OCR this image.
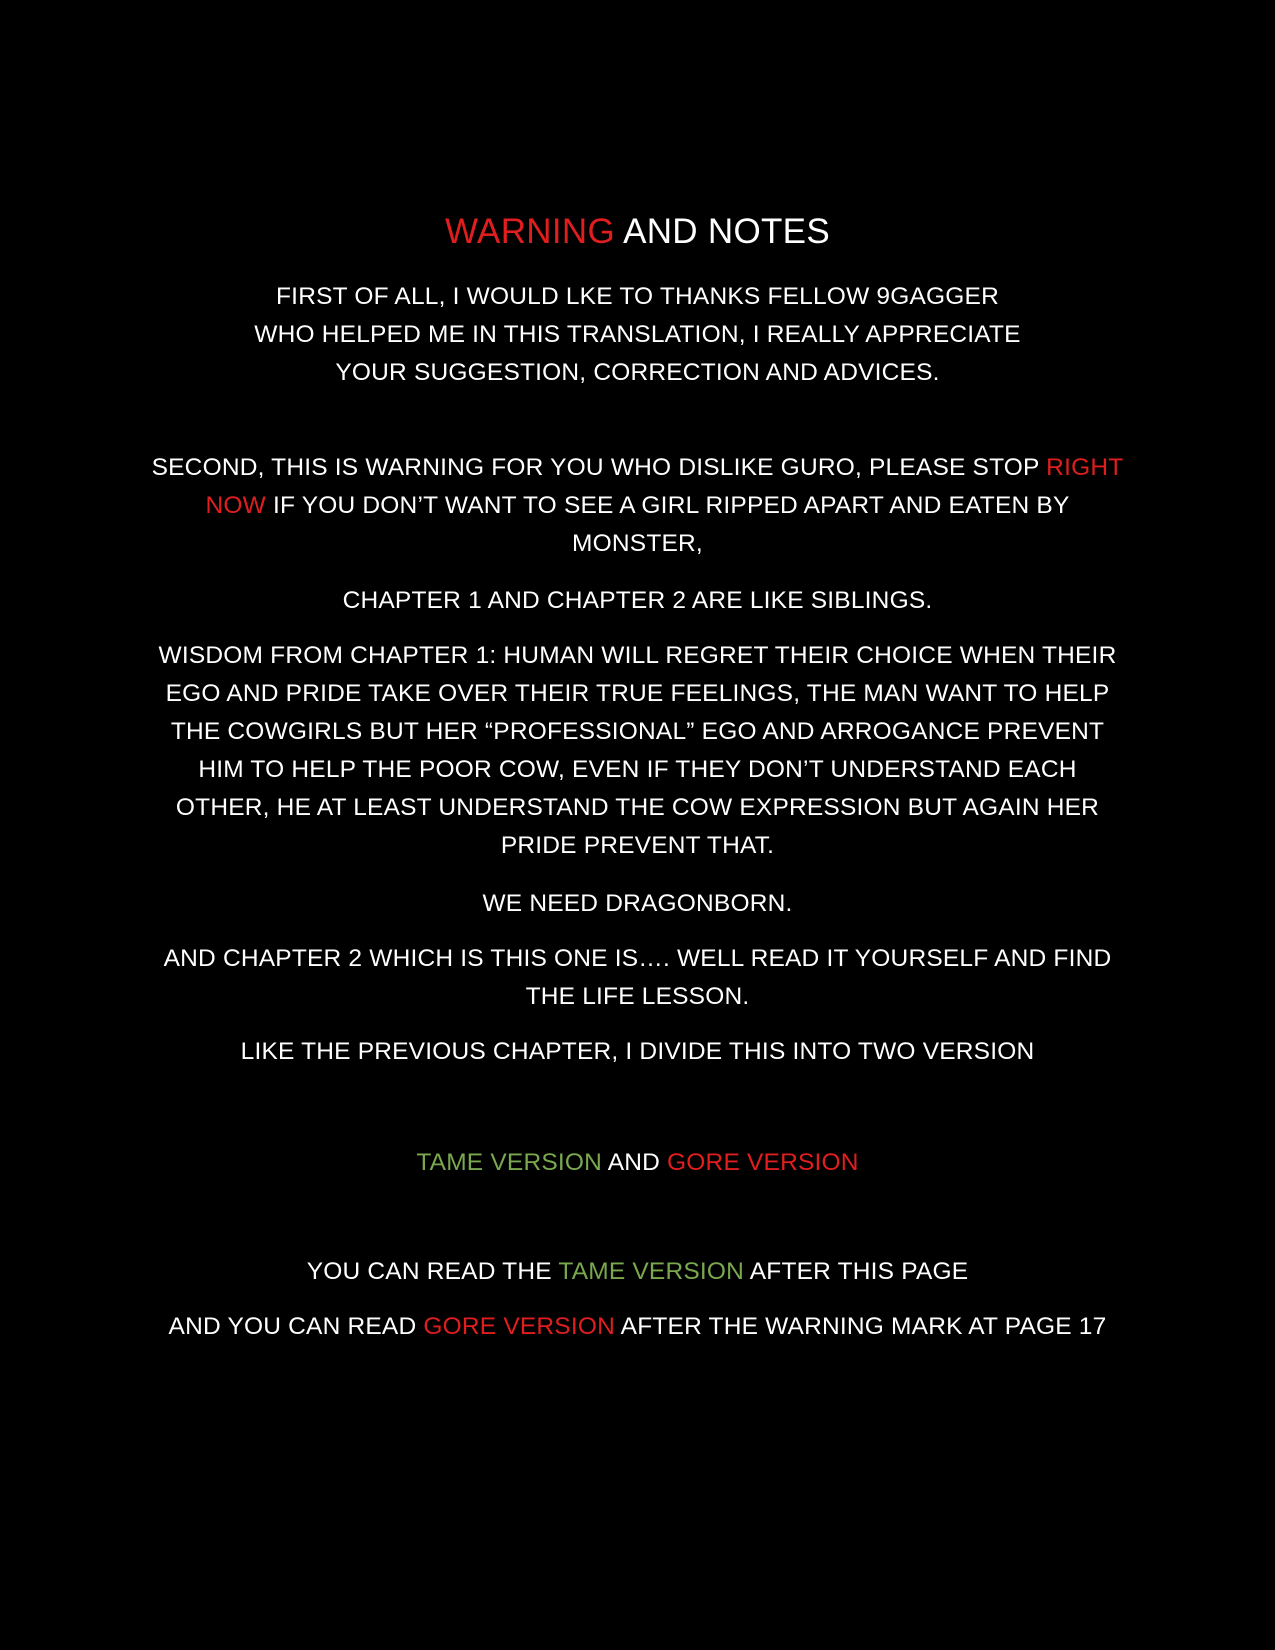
WARNING AND NOTES
FIRST OF ALL, I WOULD LKE TO THANKS FELLOW 9GAGGER
WHO HELPED ME IN THIS TRANSLATION, I REALLY APPRECIATE
YOUR SUGGESTION, CORRECTION AND ADVICES.
SECOND, THIS IS WARNING FOR YOU WHO DISLIKE GURO, PLEASE STOP RIGHT NOW IF YOU DON’T WANT TO SEE A GIRL RIPPED APART AND EATEN BY MONSTER,
CHAPTER 1 AND CHAPTER 2 ARE LIKE SIBLINGS.
WISDOM FROM CHAPTER 1: HUMAN WILL REGRET THEIR CHOICE WHEN THEIR EGO AND PRIDE TAKE OVER THEIR TRUE FEELINGS, THE MAN WANT TO HELP THE COWGIRLS BUT HER “PROFESSIONAL” EGO AND ARROGANCE PREVENT HIM TO HELP THE POOR COW, EVEN IF THEY DON’T UNDERSTAND EACH OTHER, HE AT LEAST UNDERSTAND THE COW EXPRESSION BUT AGAIN HER PRIDE PREVENT THAT.
WE NEED DRAGONBORN.
AND CHAPTER 2 WHICH IS THIS ONE IS…. WELL READ IT YOURSELF AND FIND THE LIFE LESSON.
LIKE THE PREVIOUS CHAPTER, I DIVIDE THIS INTO TWO VERSION
TAME VERSION AND GORE VERSION
YOU CAN READ THE TAME VERSION AFTER THIS PAGE
AND YOU CAN READ GORE VERSION AFTER THE WARNING MARK AT PAGE 17
